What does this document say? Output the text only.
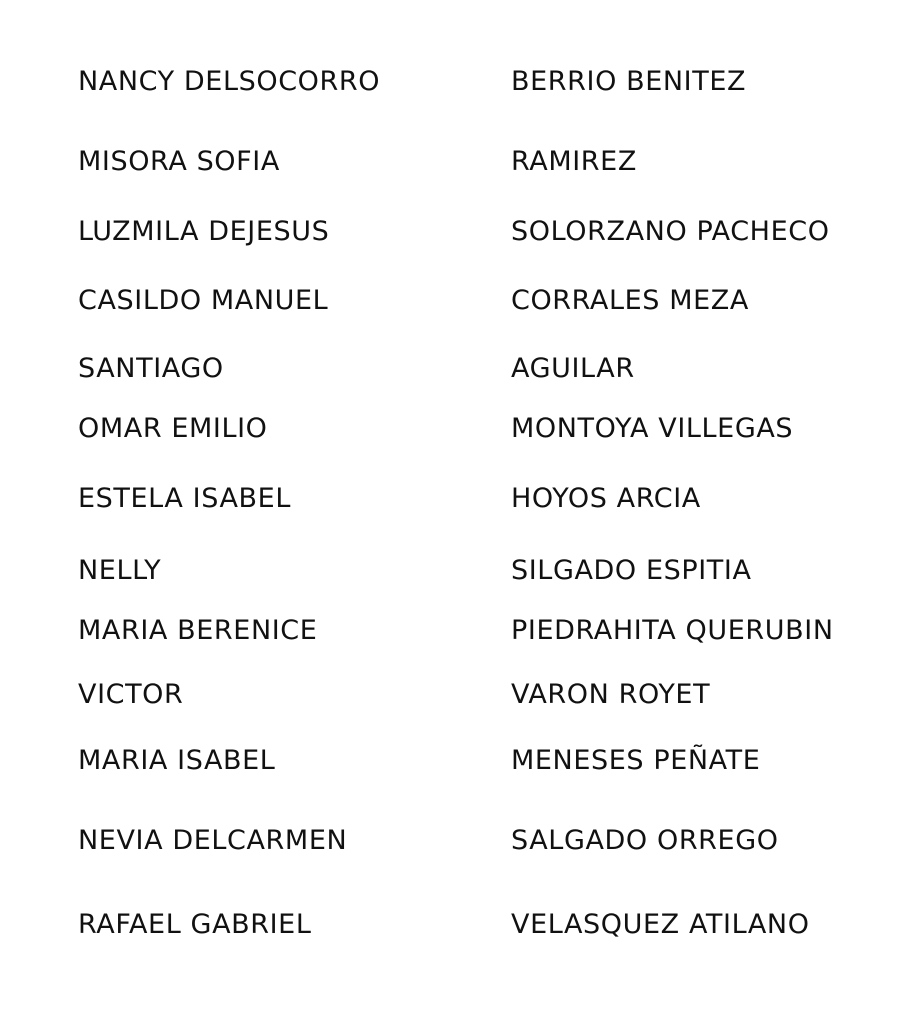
NANCY DELSOCORRO	BERRIO BENITEZ
MISORA SOFIA	RAMIREZ
LUZMILA DEJESUS	SOLORZANO PACHECO
CASILDO MANUEL	CORRALES MEZA
SANTIAGO	AGUILAR
OMAR EMILIO	MONTOYA VILLEGAS
ESTELA ISABEL	HOYOS ARCIA
NELLY	SILGADO ESPITIA
MARIA BERENICE	PIEDRAHITA QUERUBIN
VICTOR	VARON ROYET
MARIA ISABEL	MENESES PEÑATE
NEVIA DELCARMEN	SALGADO ORREGO
RAFAEL GABRIEL	VELASQUEZ ATILANO
